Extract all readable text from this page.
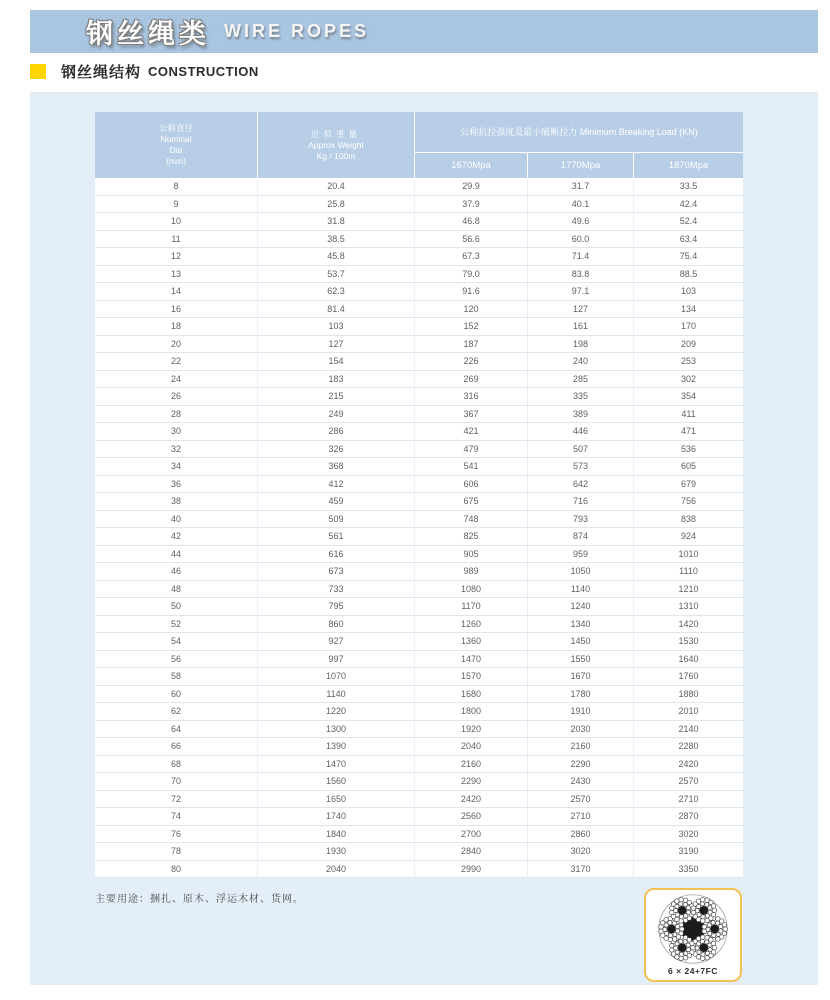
钢丝绳类 WIRE ROPES
钢丝绳结构 CONSTRUCTION
公称直径
Nominal
Dia
(mm)
近似重量
Approx Weight
Kg / 100m
公称抗拉强度及最小破断拉力 Minimum Breaking Load (KN)
1670Mpa	1770Mpa	1870Mpa
8	20.4	29.9	31.7	33.5
9	25.8	37.9	40.1	42.4
10	31.8	46.8	49.6	52.4
11	38.5	56.6	60.0	63.4
12	45.8	67.3	71.4	75.4
13	53.7	79.0	83.8	88.5
14	62.3	91.6	97.1	103
16	81.4	120	127	134
18	103	152	161	170
20	127	187	198	209
22	154	226	240	253
24	183	269	285	302
26	215	316	335	354
28	249	367	389	411
30	286	421	446	471
32	326	479	507	536
34	368	541	573	605
36	412	606	642	679
38	459	675	716	756
40	509	748	793	838
42	561	825	874	924
44	616	905	959	1010
46	673	989	1050	1110
48	733	1080	1140	1210
50	795	1170	1240	1310
52	860	1260	1340	1420
54	927	1360	1450	1530
56	997	1470	1550	1640
58	1070	1570	1670	1760
60	1140	1680	1780	1880
62	1220	1800	1910	2010
64	1300	1920	2030	2140
66	1390	2040	2160	2280
68	1470	2160	2290	2420
70	1560	2290	2430	2570
72	1650	2420	2570	2710
74	1740	2560	2710	2870
76	1840	2700	2860	3020
78	1930	2840	3020	3190
80	2040	2990	3170	3350
主要用途：捆扎、原木、浮运木材、货网。
6 × 24+7FC
